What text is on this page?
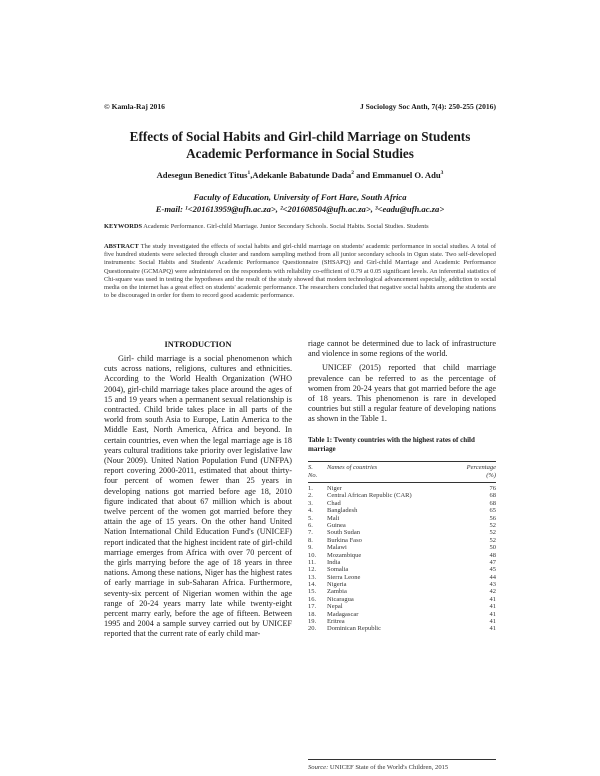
© Kamla-Raj 2016	J Sociology Soc Anth, 7(4): 250-255 (2016)
Effects of Social Habits and Girl-child Marriage on Students
Academic Performance in Social Studies
Adesegun Benedict Titus$^1$,Adekanle Babatunde Dada$^2$ and Emmanuel O. Adu$^3$
Faculty of Education, University of Fort Hare, South Africa
E-mail: ¹<201613959@ufh.ac.za>, ²<201608504@ufh.ac.za>, ³<eadu@ufh.ac.za>
KEYWORDS Academic Performance. Girl-child Marriage. Junior Secondary Schools. Social Habits. Social Studies. Students
ABSTRACT The study investigated the effects of social habits and girl-child marriage on students' academic performance in social studies. A total of five hundred students were selected through cluster and random sampling method from all junior secondary schools in Ogun state. Two self-developed instruments: Social Habits and Students' Academic Performance Questionnaire (SHSAPQ) and Girl-child Marriage and Academic Performance Questionnaire (GCMAPQ) were administered on the respondents with reliability co-efficient of 0.79 at 0.05 significant levels. An inferential statistics of Chi-square was used in testing the hypotheses and the result of the study showed that modern technological advancement especially, addiction to social media on the internet has a great effect on students' academic performance. The researchers concluded that negative social habits among the students are to be discouraged in order for them to record good academic performance.
INTRODUCTION

Girl- child marriage is a social phenomenon which cuts across nations, religions, cultures and ethnicities. According to the World Health Organization (WHO 2004), girl-child marriage takes place around the ages of 15 and 19 years when a permanent sexual relationship is contracted. Child bride takes place in all parts of the world from south Asia to Europe, Latin America to the Middle East, North America, Africa and beyond. In certain countries, even when the legal marriage age is 18 years cultural traditions take priority over legislative law (Nour 2009). United Nation Population Fund (UNFPA) report covering 2000-2011, estimated that about thirty-four percent of women fewer than 25 years in developing nations got married before age 18, 2010 figure indicated that about 67 million which is about twelve percent of the women got married before they attain the age of 15 years. On the other hand United Nation International Child Education Fund's (UNICEF) report indicated that the highest incident rate of girl-child marriage emerges from Africa with over 70 percent of the girls marrying before the age of 18 years in three nations. Among these nations, Niger has the highest rates of early marriage in sub-Saharan Africa. Furthermore, seventy-six percent of Nigerian women within the age range of 20-24 years marry late while twenty-eight percent marry early, before the age of fifteen. Between 1995 and 2004 a sample survey carried out by UNICEF reported that the current rate of early child mar-

riage cannot be determined due to lack of infrastructure and violence in some regions of the world.

UNICEF (2015) reported that child marriage prevalence can be referred to as the percentage of women from 20-24 years that got married before the age of 18 years. This phenomenon is rare in developed countries but still a regular feature of developing nations as shown in the Table 1.

Table 1: Twenty countries with the highest rates of child marriage
S.
No.
Names of countries	Percentage
(%)
1. Niger	76
2. Central African Republic (CAR)	68
3. Chad	68
4. Bangladesh	65
5. Mali	56
6. Guinea	52
7. South Sudan	52
8. Burkina Faso	52
9. Malawi	50
10. Mozambique	48
11. India	47
12. Somalia	45
13. Sierra Leone	44
14. Nigeria	43
15. Zambia	42
16. Nicaragua	41
17. Nepal	41
18. Madagascar	41
19. Eritrea	41
20. Dominican Republic	41
Source: UNICEF State of the World's Children, 2015
